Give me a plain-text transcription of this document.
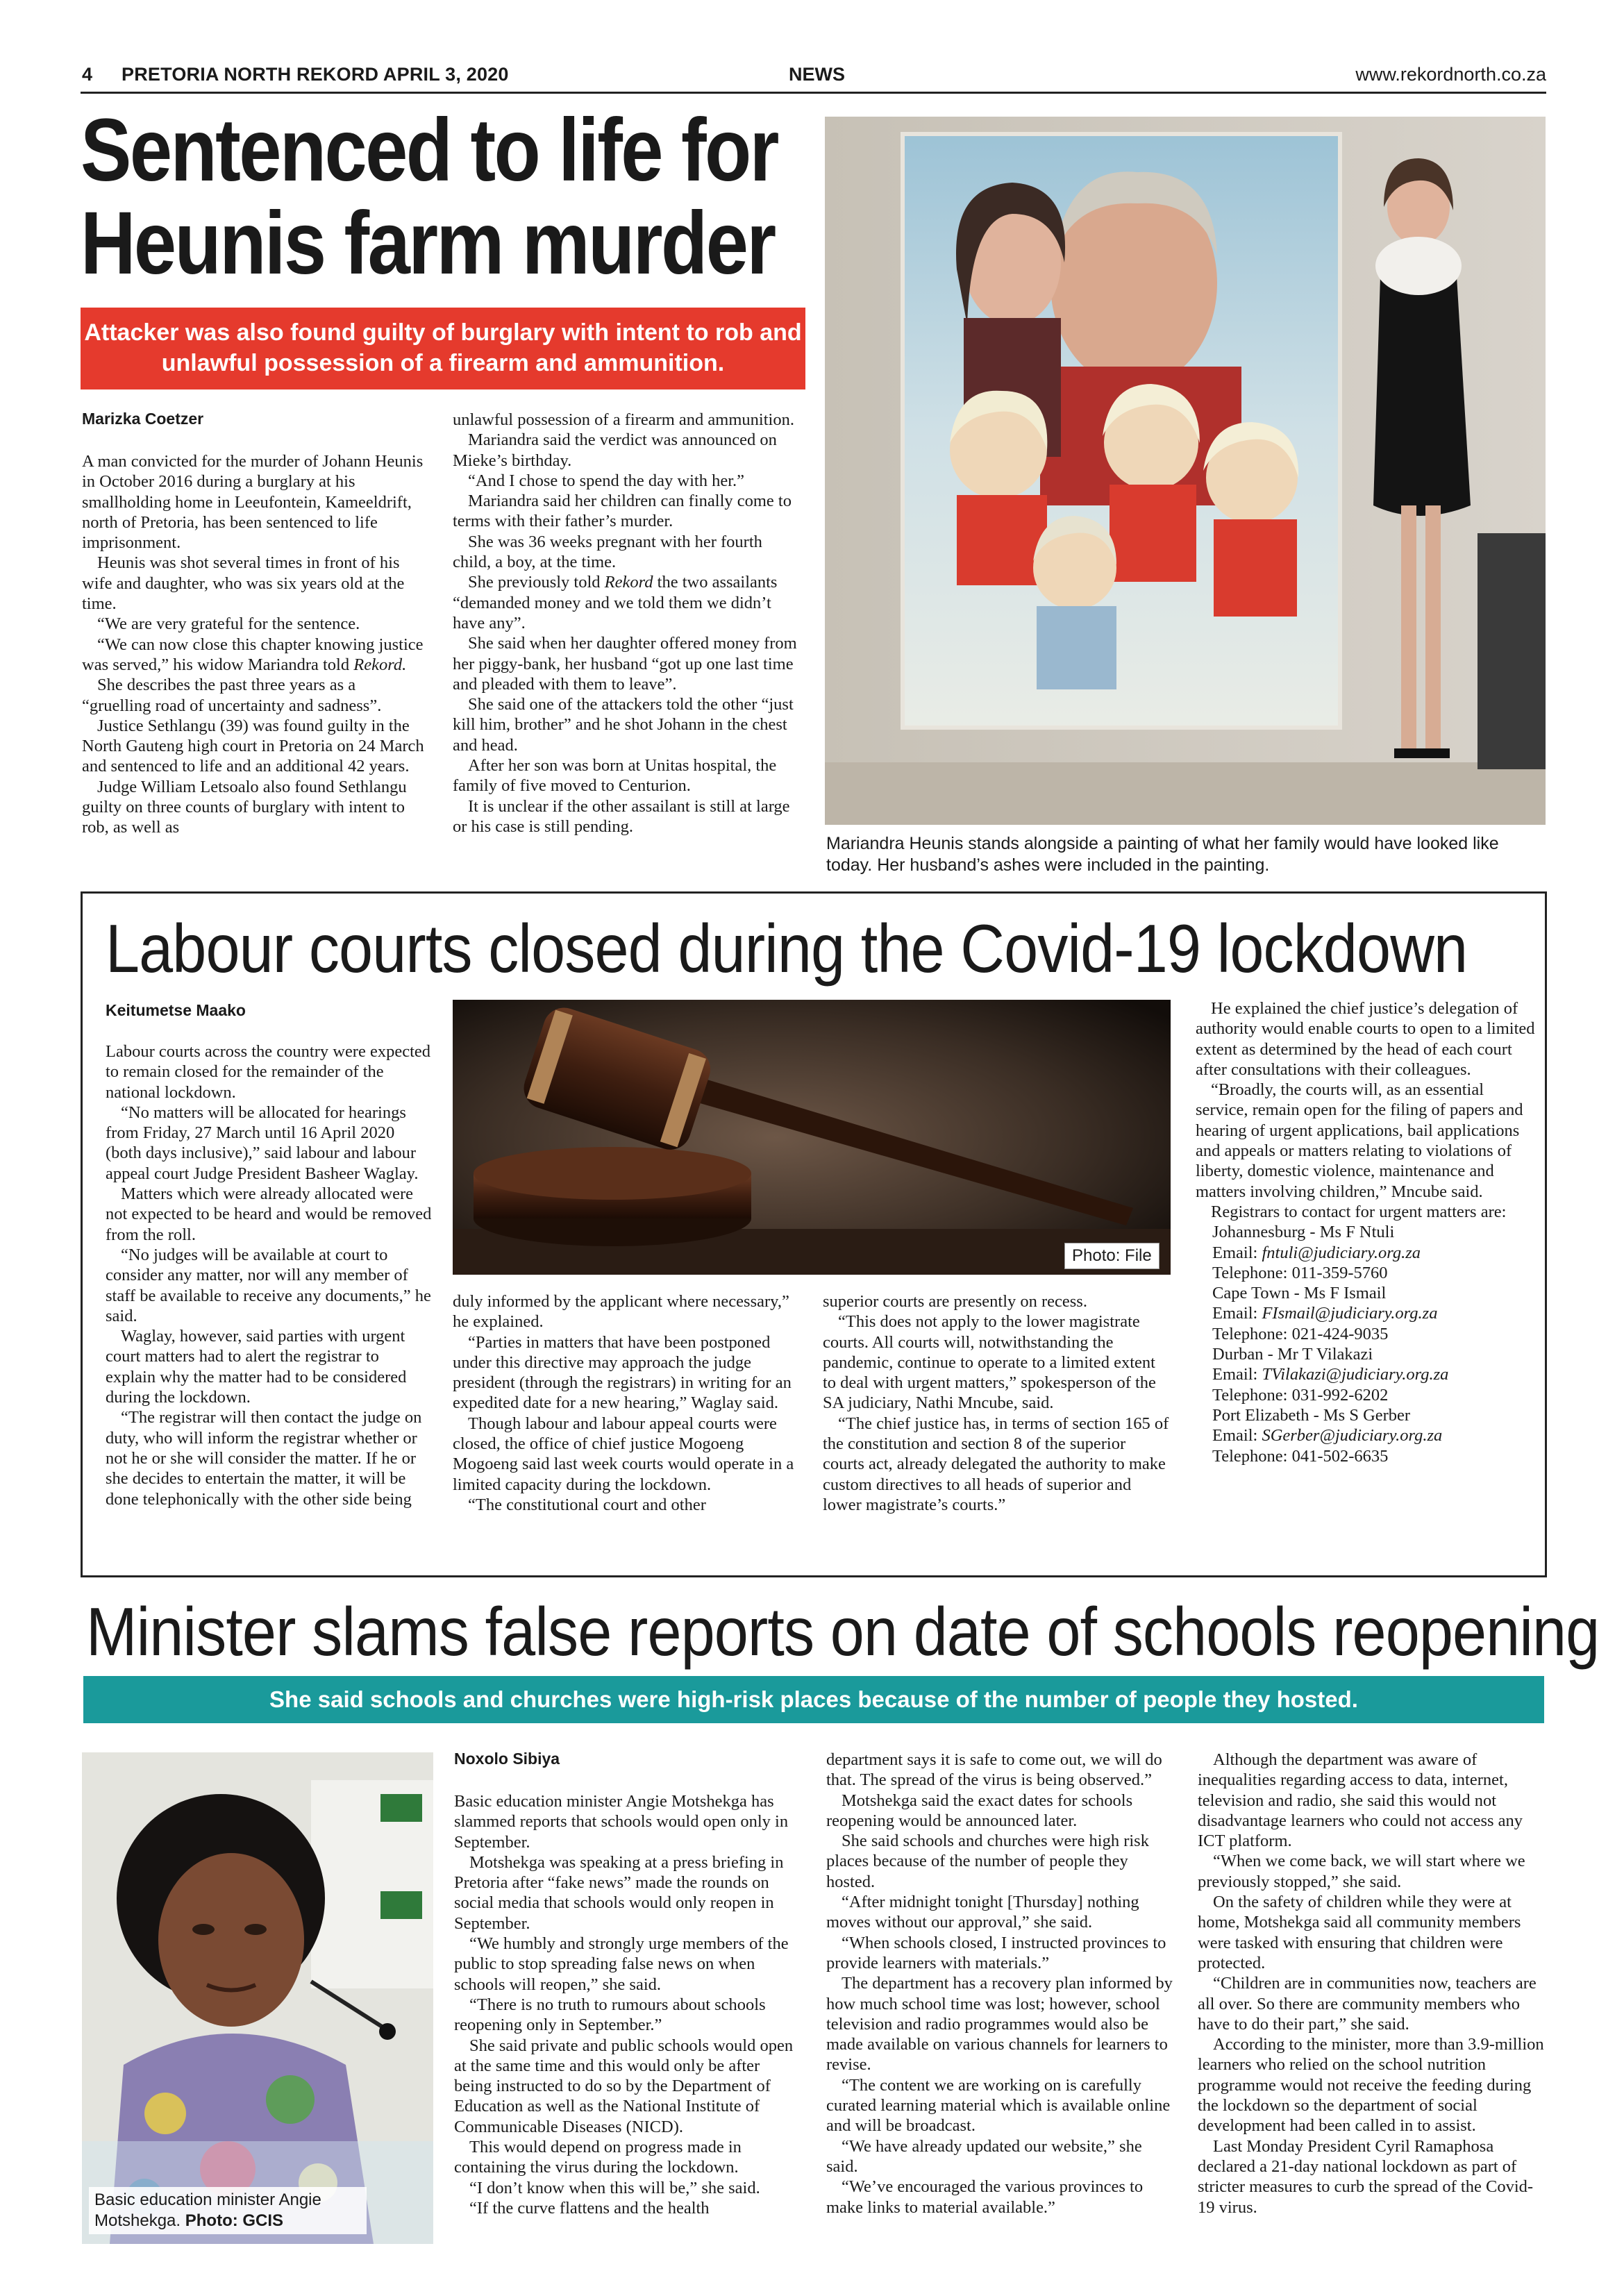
4 PRETORIA NORTH REKORD APRIL 3, 2020	NEWS	www.rekordnorth.co.za
Sentenced to life for
Heunis farm murder
Attacker was also found guilty of burglary with intent to rob and unlawful possession of a firearm and ammunition.
Marizka Coetzer

A man convicted for the murder of Johann Heunis in October 2016 during a burglary at his smallholding home in Leeufontein, Kameeldrift, north of Pretoria, has been sentenced to life imprisonment.

Heunis was shot several times in front of his wife and daughter, who was six years old at the time.

“We are very grateful for the sentence.

“We can now close this chapter knowing justice was served,” his widow Mariandra told Rekord.

She describes the past three years as a “gruelling road of uncertainty and sadness”.

Justice Sethlangu (39) was found guilty in the North Gauteng high court in Pretoria on 24 March and sentenced to life and an additional 42 years.

Judge William Letsoalo also found Sethlangu guilty on three counts of burglary with intent to rob, as well as

unlawful possession of a firearm and ammunition.

Mariandra said the verdict was announced on Mieke’s birthday.

“And I chose to spend the day with her.”

Mariandra said her children can finally come to terms with their father’s murder.

She was 36 weeks pregnant with her fourth child, a boy, at the time.

She previously told Rekord the two assailants “demanded money and we told them we didn’t have any”.

She said when her daughter offered money from her piggy-bank, her husband “got up one last time and pleaded with them to leave”.

She said one of the attackers told the other “just kill him, brother” and he shot Johann in the chest and head.

After her son was born at Unitas hospital, the family of five moved to Centurion.

It is unclear if the other assailant is still at large or his case is still pending.

Mariandra Heunis stands alongside a painting of what her family would have looked like today. Her husband’s ashes were included in the painting.
Labour courts closed during the Covid-19 lockdown
Keitumetse Maako

Labour courts across the country were expected to remain closed for the remainder of the national lockdown.

“No matters will be allocated for hearings from Friday, 27 March until 16 April 2020 (both days inclusive),” said labour and labour appeal court Judge President Basheer Waglay.

Matters which were already allocated were not expected to be heard and would be removed from the roll.

“No judges will be available at court to consider any matter, nor will any member of staff be available to receive any documents,” he said.

Waglay, however, said parties with urgent court matters had to alert the registrar to explain why the matter had to be considered during the lockdown.

“The registrar will then contact the judge on duty, who will inform the registrar whether or not he or she will consider the matter. If he or she decides to entertain the matter, it will be done telephonically with the other side being

Photo: File

duly informed by the applicant where necessary,” he explained.

“Parties in matters that have been postponed under this directive may approach the judge president (through the registrars) in writing for an expedited date for a new hearing,” Waglay said.

Though labour and labour appeal courts were closed, the office of chief justice Mogoeng Mogoeng said last week courts would operate in a limited capacity during the lockdown.

“The constitutional court and other

superior courts are presently on recess.

“This does not apply to the lower magistrate courts. All courts will, notwithstanding the pandemic, continue to operate to a limited extent to deal with urgent matters,” spokesperson of the SA judiciary, Nathi Mncube, said.

“The chief justice has, in terms of section 165 of the constitution and section 8 of the superior courts act, already delegated the authority to make custom directives to all heads of superior and lower magistrate’s courts.”

He explained the chief justice’s delegation of authority would enable courts to open to a limited extent as determined by the head of each court after consultations with their colleagues.

“Broadly, the courts will, as an essential service, remain open for the filing of papers and hearing of urgent applications, bail applications and appeals or matters relating to violations of liberty, domestic violence, maintenance and matters involving children,” Mncube said.

Registrars to contact for urgent matters are:

Johannesburg - Ms F Ntuli
Email: fntuli@judiciary.org.za
Telephone: 011-359-5760
Cape Town - Ms F Ismail
Email: FIsmail@judiciary.org.za
Telephone: 021-424-9035
Durban - Mr T Vilakazi
Email: TVilakazi@judiciary.org.za
Telephone: 031-992-6202
Port Elizabeth - Ms S Gerber
Email: SGerber@judiciary.org.za
Telephone: 041-502-6635
Minister slams false reports on date of schools reopening
She said schools and churches were high-risk places because of the number of people they hosted.
Basic education minister Angie Motshekga. Photo: GCIS
Noxolo Sibiya

Basic education minister Angie Motshekga has slammed reports that schools would open only in September.

Motshekga was speaking at a press briefing in Pretoria after “fake news” made the rounds on social media that schools would only reopen in September.

“We humbly and strongly urge members of the public to stop spreading false news on when schools will reopen,” she said.

“There is no truth to rumours about schools reopening only in September.”

She said private and public schools would open at the same time and this would only be after being instructed to do so by the Department of Education as well as the National Institute of Communicable Diseases (NICD).

This would depend on progress made in containing the virus during the lockdown.

“I don’t know when this will be,” she said.

“If the curve flattens and the health

department says it is safe to come out, we will do that. The spread of the virus is being observed.”

Motshekga said the exact dates for schools reopening would be announced later.

She said schools and churches were high risk places because of the number of people they hosted.

“After midnight tonight [Thursday] nothing moves without our approval,” she said.

“When schools closed, I instructed provinces to provide learners with materials.”

The department has a recovery plan informed by how much school time was lost; however, school television and radio programmes would also be made available on various channels for learners to revise.

“The content we are working on is carefully curated learning material which is available online and will be broadcast.

“We have already updated our website,” she said.

“We’ve encouraged the various provinces to make links to material available.”

Although the department was aware of inequalities regarding access to data, internet, television and radio, she said this would not disadvantage learners who could not access any ICT platform.

“When we come back, we will start where we previously stopped,” she said.

On the safety of children while they were at home, Motshekga said all community members were tasked with ensuring that children were protected.

“Children are in communities now, teachers are all over. So there are community members who have to do their part,” she said.

According to the minister, more than 3.9-million learners who relied on the school nutrition programme would not receive the feeding during the lockdown so the department of social development had been called in to assist.

Last Monday President Cyril Ramaphosa declared a 21-day national lockdown as part of stricter measures to curb the spread of the Covid-19 virus.
